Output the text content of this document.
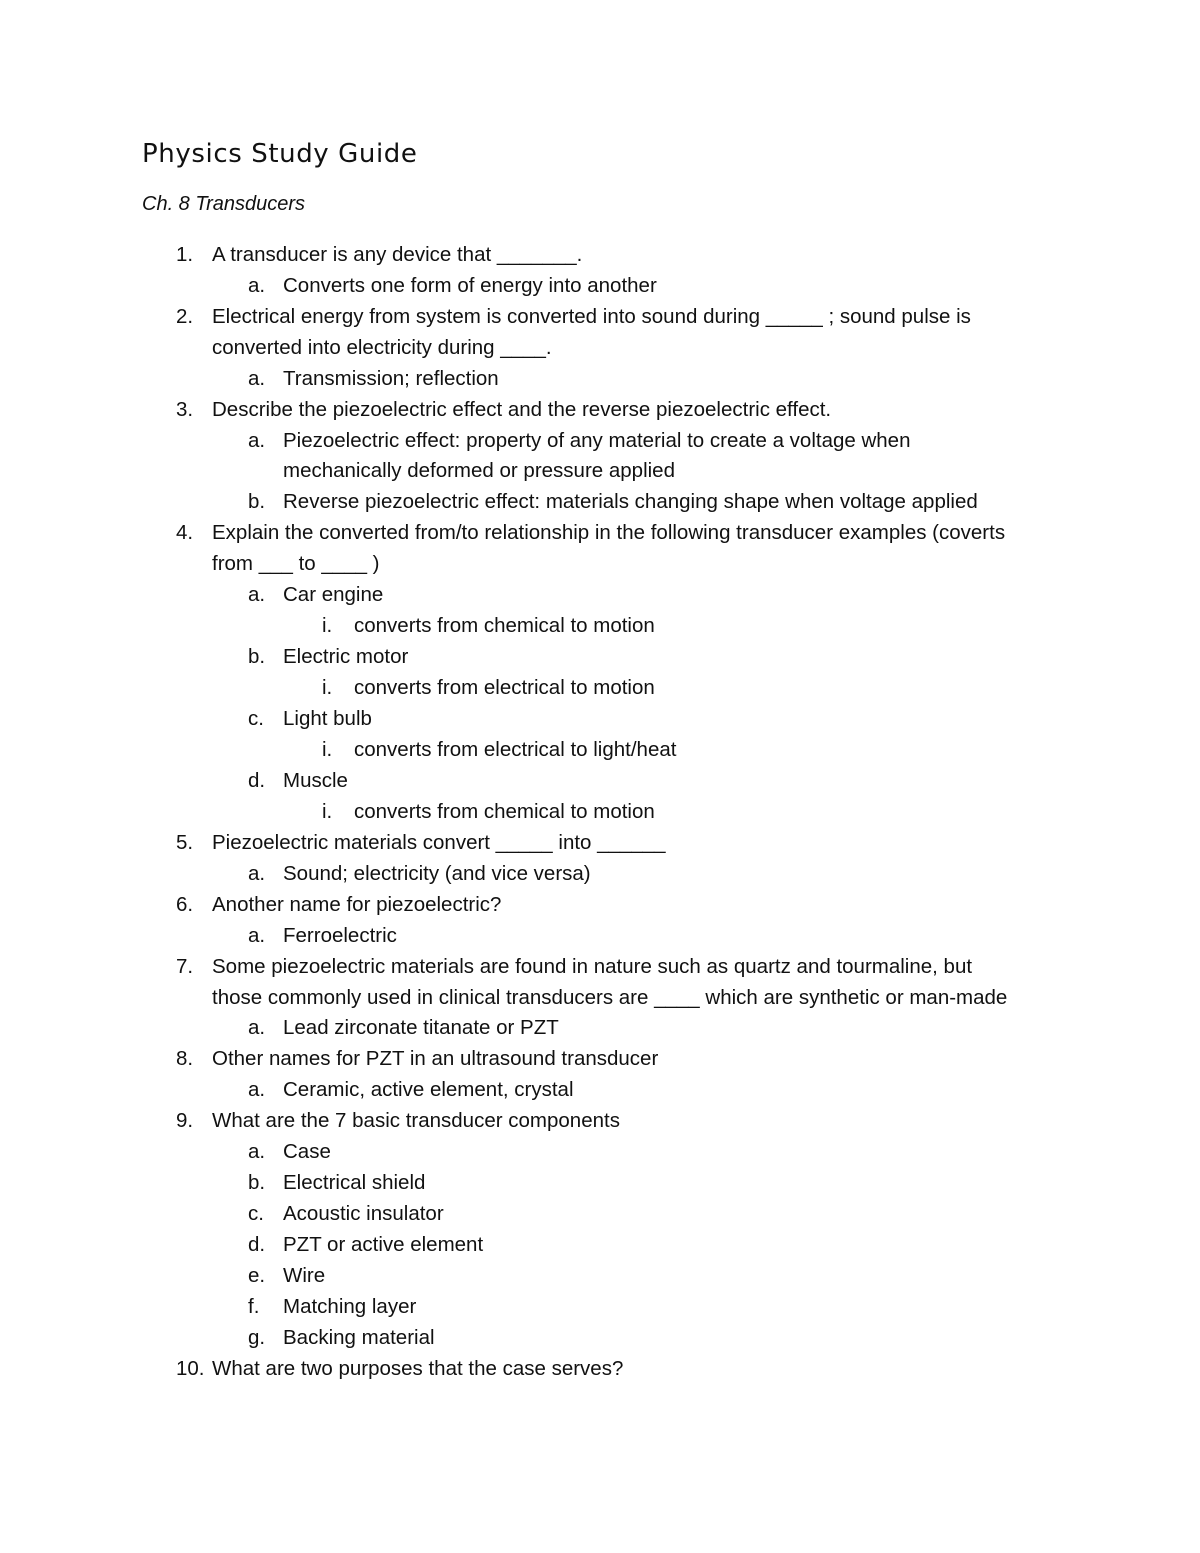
Physics Study Guide
Ch. 8 Transducers
1. A transducer is any device that _______.
a. Converts one form of energy into another
2. Electrical energy from system is converted into sound during _____ ; sound pulse is
converted into electricity during ____.
a. Transmission; reflection
3. Describe the piezoelectric effect and the reverse piezoelectric effect.
a. Piezoelectric effect: property of any material to create a voltage when
mechanically deformed or pressure applied
b. Reverse piezoelectric effect: materials changing shape when voltage applied
4. Explain the converted from/to relationship in the following transducer examples (coverts
from ___ to ____ )
a. Car engine
i. converts from chemical to motion
b. Electric motor
i. converts from electrical to motion
c. Light bulb
i. converts from electrical to light/heat
d. Muscle
i. converts from chemical to motion
5. Piezoelectric materials convert _____ into ______
a. Sound; electricity (and vice versa)
6. Another name for piezoelectric?
a. Ferroelectric
7. Some piezoelectric materials are found in nature such as quartz and tourmaline, but
those commonly used in clinical transducers are ____ which are synthetic or man-made
a. Lead zirconate titanate or PZT
8. Other names for PZT in an ultrasound transducer
a. Ceramic, active element, crystal
9. What are the 7 basic transducer components
a. Case
b. Electrical shield
c. Acoustic insulator
d. PZT or active element
e. Wire
f. Matching layer
g. Backing material
10. What are two purposes that the case serves?
